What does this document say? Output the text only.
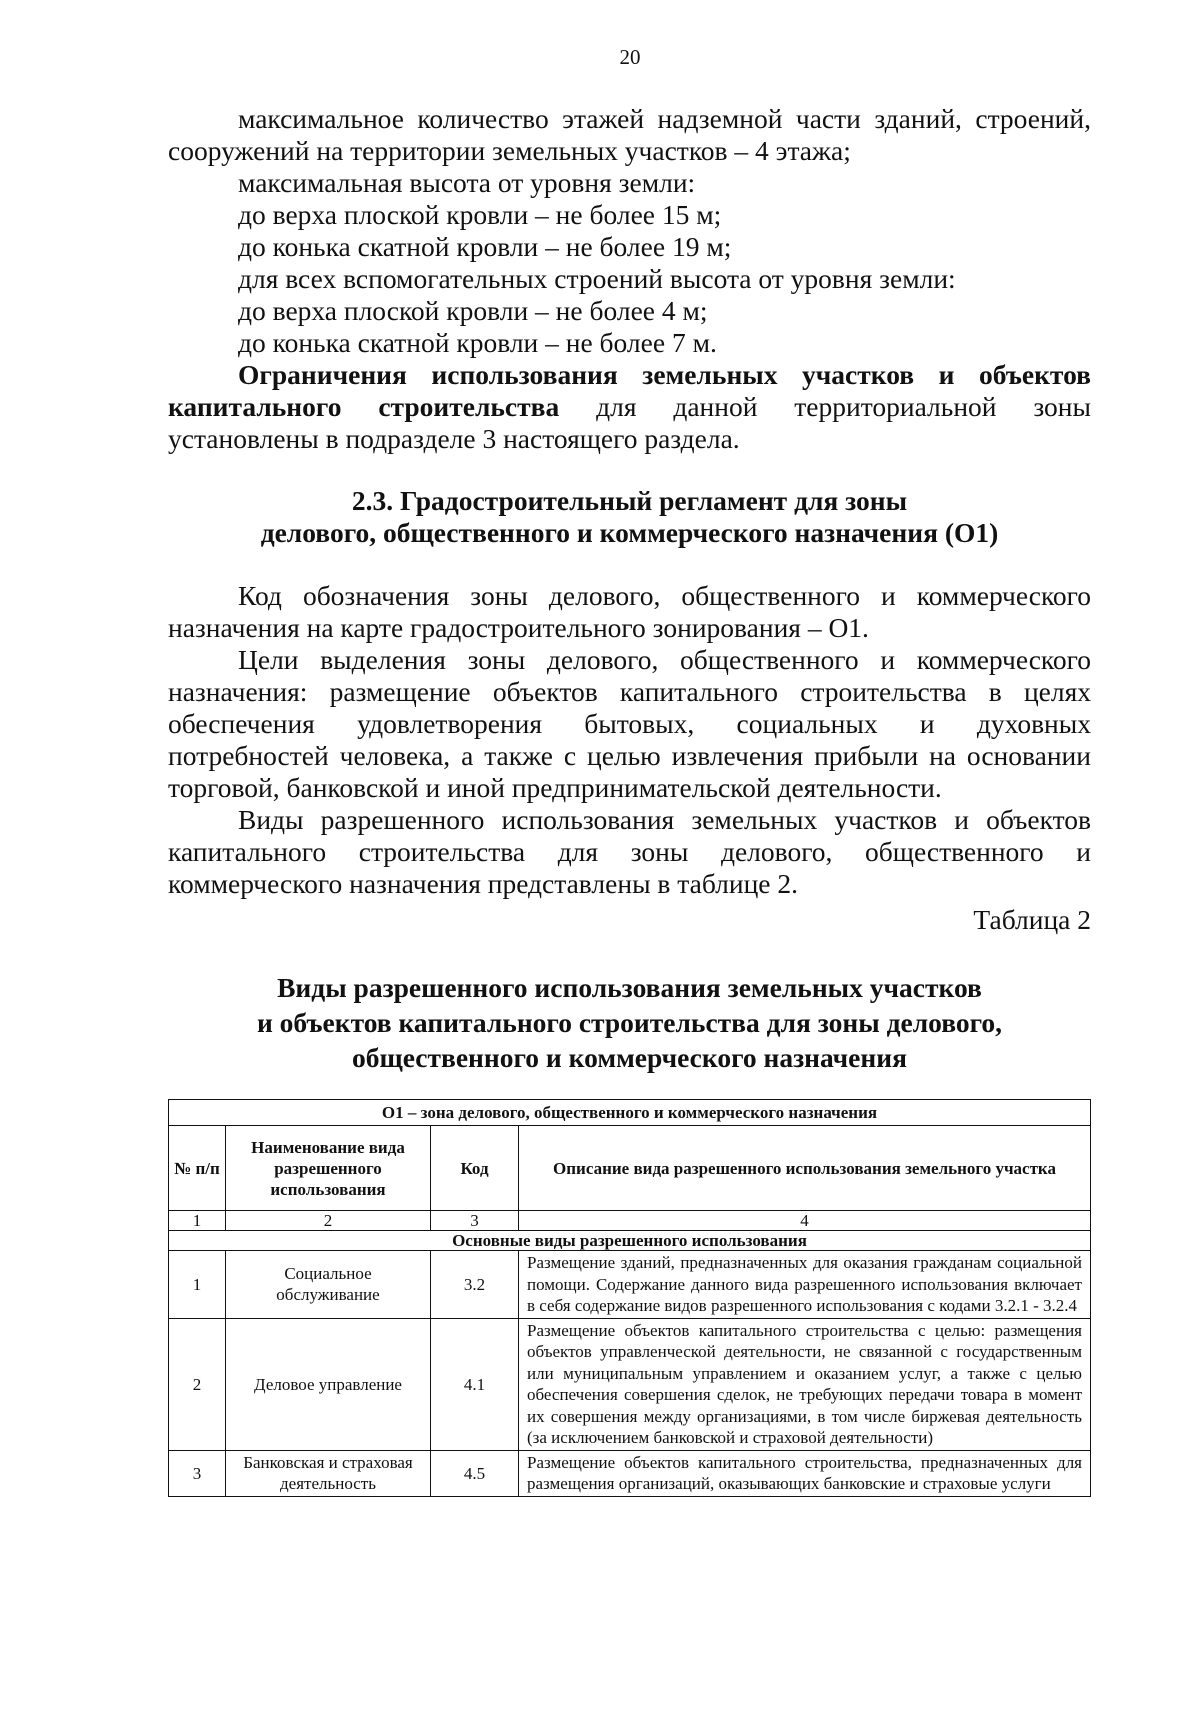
20
максимальное количество этажей надземной части зданий, строений,
сооружений на территории земельных участков – 4 этажа;
максимальная высота от уровня земли:
до верха плоской кровли – не более 15 м;
до конька скатной кровли – не более 19 м;
для всех вспомогательных строений высота от уровня земли:
до верха плоской кровли – не более 4 м;
до конька скатной кровли – не более 7 м.
Ограничения использования земельных участков и объектов
капитального строительства для данной территориальной зоны
установлены в подразделе 3 настоящего раздела.
2.3. Градостроительный регламент для зоны
делового, общественного и коммерческого назначения (О1)
Код обозначения зоны делового, общественного и коммерческого
назначения на карте градостроительного зонирования – О1.
Цели выделения зоны делового, общественного и коммерческого
назначения: размещение объектов капитального строительства в целях
обеспечения удовлетворения бытовых, социальных и духовных
потребностей человека, а также с целью извлечения прибыли на основании
торговой, банковской и иной предпринимательской деятельности.
Виды разрешенного использования земельных участков и объектов
капитального строительства для зоны делового, общественного и
коммерческого назначения представлены в таблице 2.
Таблица 2
Виды разрешенного использования земельных участков
и объектов капитального строительства для зоны делового,
общественного и коммерческого назначения
О1 – зона делового, общественного и коммерческого назначения			
№ п/п	Наименование вида разрешенного использования	Код	Описание вида разрешенного использования земельного участка
1	2	3	4
Основные виды разрешенного использования			
1	Социальное обслуживание	3.2	Размещение зданий, предназначенных для оказания гражданам социальной помощи. Содержание данного вида разрешенного использования включает в себя содержание видов разрешенного использования с кодами 3.2.1 - 3.2.4
2	Деловое управление	4.1	Размещение объектов капитального строительства с целью: размещения объектов управленческой деятельности, не связанной с государственным или муниципальным управлением и оказанием услуг, а также с целью обеспечения совершения сделок, не требующих передачи товара в момент их совершения между организациями, в том числе биржевая деятельность (за исключением банковской и страховой деятельности)
3	Банковская и страховая деятельность	4.5	Размещение объектов капитального строительства, предназначенных для размещения организаций, оказывающих банковские и страховые услуги
